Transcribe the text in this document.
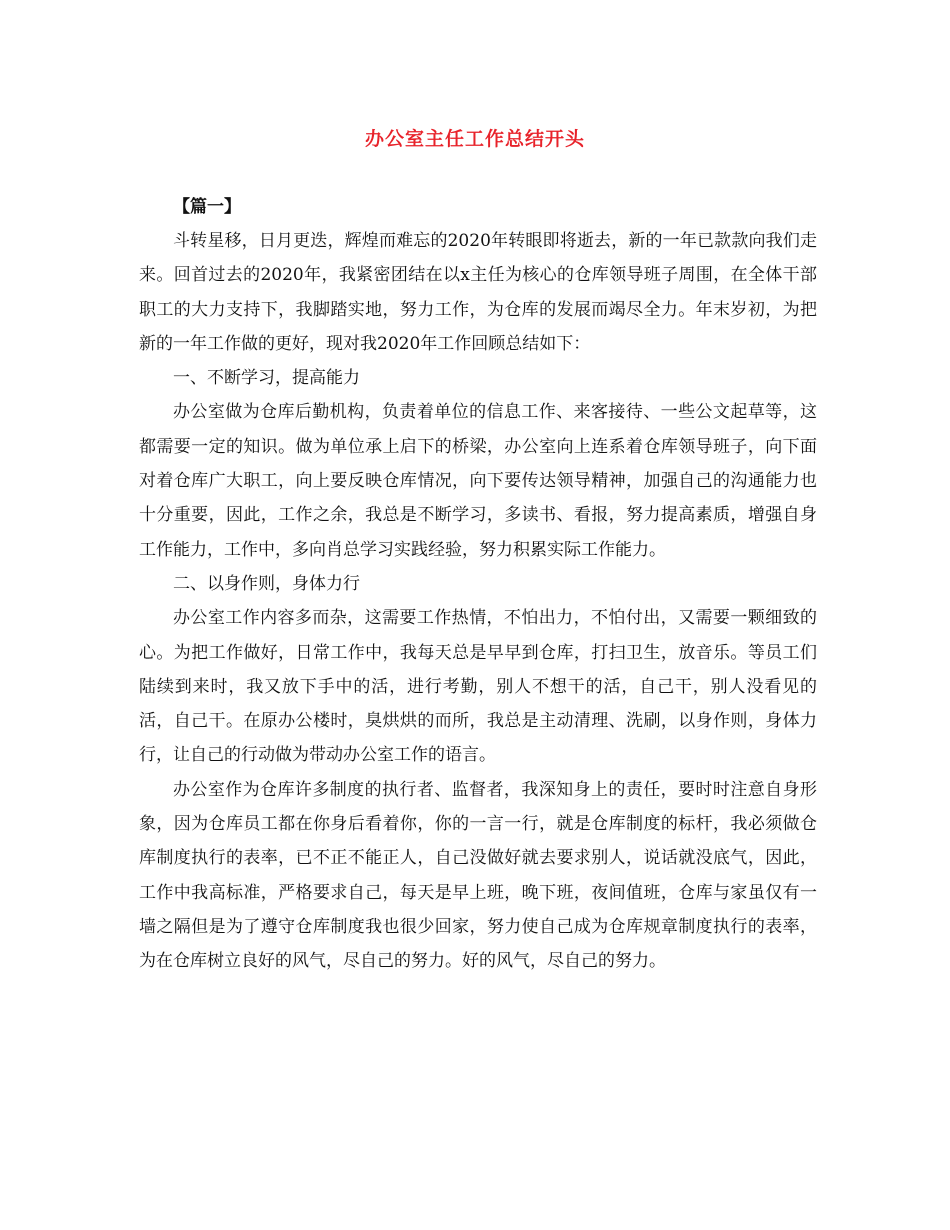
办公室主任工作总结开头

【篇一】

斗转星移，日月更迭，辉煌而难忘的2020年转眼即将逝去，新的一年已款款向我们走来。回首过去的2020年，我紧密团结在以x主任为核心的仓库领导班子周围，在全体干部职工的大力支持下，我脚踏实地，努力工作，为仓库的发展而竭尽全力。年末岁初，为把新的一年工作做的更好，现对我2020年工作回顾总结如下：

一、不断学习，提高能力

办公室做为仓库后勤机构，负责着单位的信息工作、来客接待、一些公文起草等，这都需要一定的知识。做为单位承上启下的桥梁，办公室向上连系着仓库领导班子，向下面对着仓库广大职工，向上要反映仓库情况，向下要传达领导精神，加强自己的沟通能力也十分重要，因此，工作之余，我总是不断学习，多读书、看报，努力提高素质，增强自身工作能力，工作中，多向肖总学习实践经验，努力积累实际工作能力。

二、以身作则，身体力行

办公室工作内容多而杂，这需要工作热情，不怕出力，不怕付出，又需要一颗细致的心。为把工作做好，日常工作中，我每天总是早早到仓库，打扫卫生，放音乐。等员工们陆续到来时，我又放下手中的活，进行考勤，别人不想干的活，自己干，别人没看见的活，自己干。在原办公楼时，臭烘烘的而所，我总是主动清理、洗刷，以身作则，身体力行，让自己的行动做为带动办公室工作的语言。

办公室作为仓库许多制度的执行者、监督者，我深知身上的责任，要时时注意自身形象，因为仓库员工都在你身后看着你，你的一言一行，就是仓库制度的标杆，我必须做仓库制度执行的表率，已不正不能正人，自己没做好就去要求别人，说话就没底气，因此，工作中我高标准，严格要求自己，每天是早上班，晚下班，夜间值班，仓库与家虽仅有一墙之隔但是为了遵守仓库制度我也很少回家，努力使自己成为仓库规章制度执行的表率，为在仓库树立良好的风气，尽自己的努力。好的风气，尽自己的努力。
